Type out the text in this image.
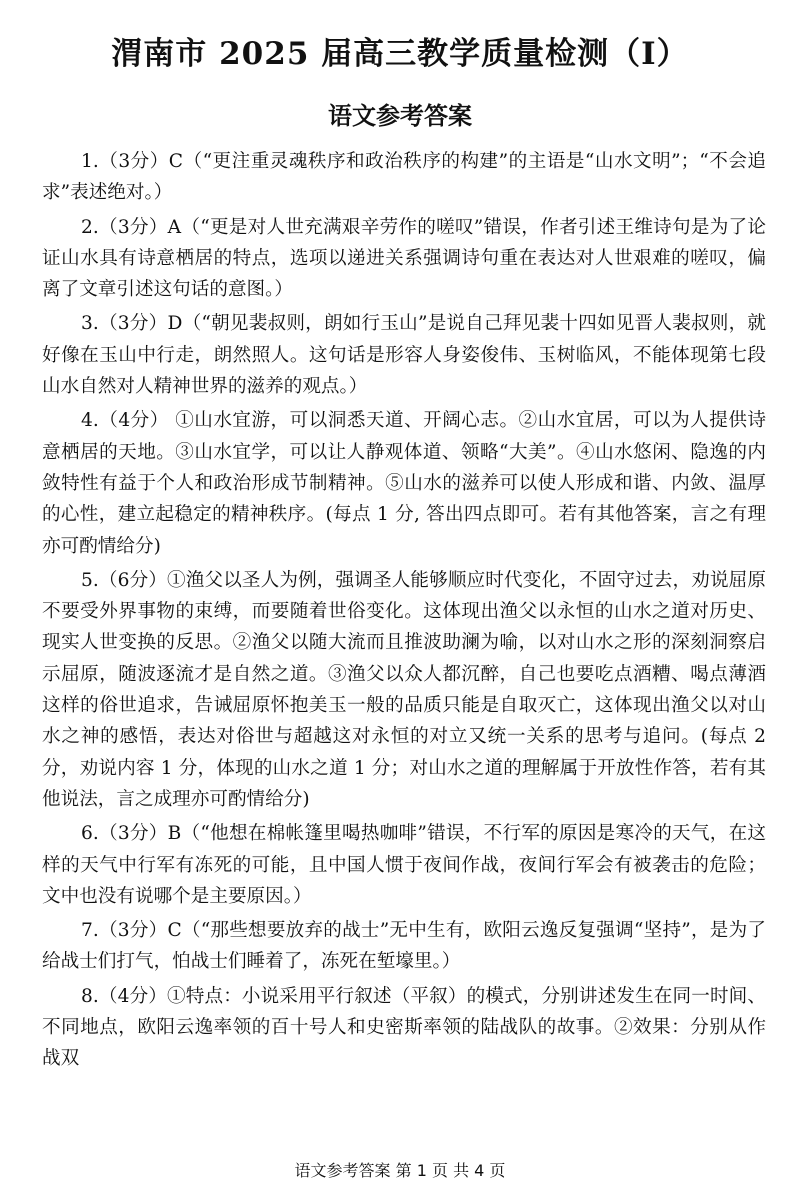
渭南市 2025 届高三教学质量检测（Ⅰ）
语文参考答案

1.（3分）C（“更注重灵魂秩序和政治秩序的构建”的主语是“山水文明”；“不会追求”表述绝对。）

2.（3分）A（“更是对人世充满艰辛劳作的嗟叹”错误，作者引述王维诗句是为了论证山水具有诗意栖居的特点，选项以递进关系强调诗句重在表达对人世艰难的嗟叹，偏离了文章引述这句话的意图。）

3.（3分）D（“朝见裴叔则，朗如行玉山”是说自己拜见裴十四如见晋人裴叔则，就好像在玉山中行走，朗然照人。这句话是形容人身姿俊伟、玉树临风，不能体现第七段山水自然对人精神世界的滋养的观点。）

4.（4分） ①山水宜游，可以洞悉天道、开阔心志。②山水宜居，可以为人提供诗意栖居的天地。③山水宜学，可以让人静观体道、领略“大美”。④山水悠闲、隐逸的内敛特性有益于个人和政治形成节制精神。⑤山水的滋养可以使人形成和谐、内敛、温厚的心性，建立起稳定的精神秩序。(每点 1 分, 答出四点即可。若有其他答案，言之有理亦可酌情给分)

5.（6分）①渔父以圣人为例，强调圣人能够顺应时代变化，不固守过去，劝说屈原不要受外界事物的束缚，而要随着世俗变化。这体现出渔父以永恒的山水之道对历史、现实人世变换的反思。②渔父以随大流而且推波助澜为喻，以对山水之形的深刻洞察启示屈原，随波逐流才是自然之道。③渔父以众人都沉醉，自己也要吃点酒糟、喝点薄酒这样的俗世追求，告诫屈原怀抱美玉一般的品质只能是自取灭亡，这体现出渔父以对山水之神的感悟，表达对俗世与超越这对永恒的对立又统一关系的思考与追问。(每点 2 分，劝说内容 1 分，体现的山水之道 1 分；对山水之道的理解属于开放性作答，若有其他说法，言之成理亦可酌情给分)

6.（3分）B（“他想在棉帐篷里喝热咖啡”错误，不行军的原因是寒冷的天气，在这样的天气中行军有冻死的可能，且中国人惯于夜间作战，夜间行军会有被袭击的危险；文中也没有说哪个是主要原因。）

7.（3分）C（“那些想要放弃的战士”无中生有，欧阳云逸反复强调“坚持”，是为了给战士们打气，怕战士们睡着了，冻死在堑壕里。）

8.（4分）①特点：小说采用平行叙述（平叙）的模式，分别讲述发生在同一时间、不同地点，欧阳云逸率领的百十号人和史密斯率领的陆战队的故事。②效果：分别从作战双

语文参考答案 第 1 页 共 4 页
